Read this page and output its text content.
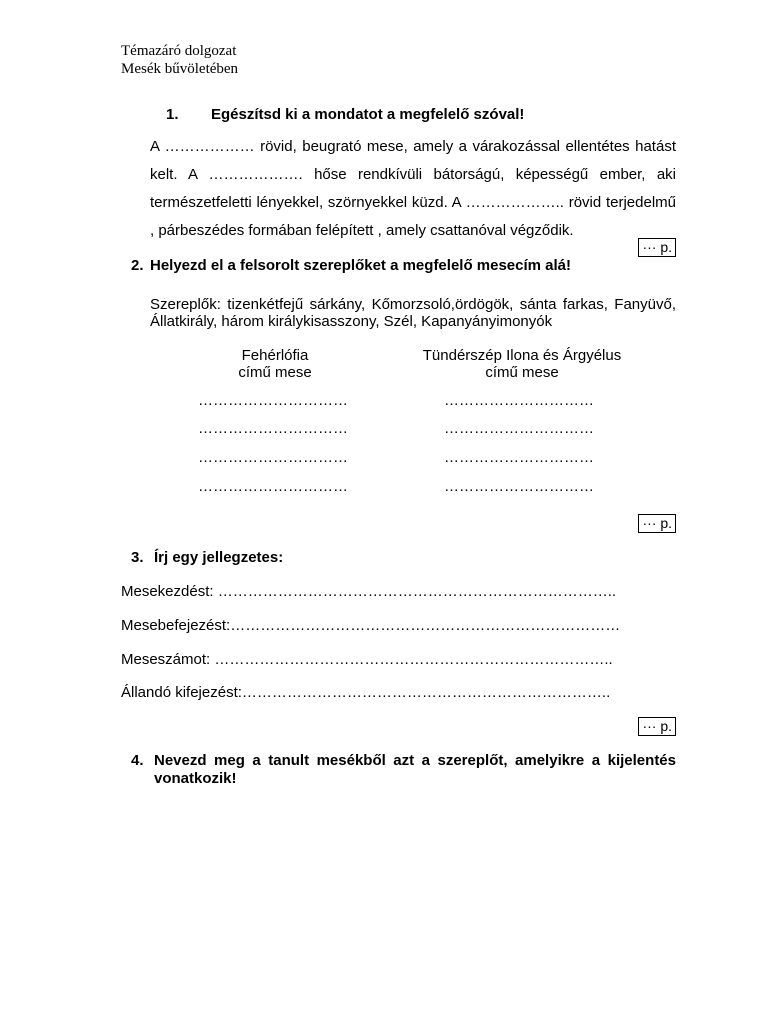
Témazáró dolgozat
Mesék bűvöletében
1. Egészítsd ki a mondatot a megfelelő szóval!

A ……………… rövid, beugrató mese, amely a várakozással ellentétes hatást kelt. A ………………. hőse rendkívüli bátorságú, képességű ember, aki természetfeletti lényekkel, szörnyekkel küzd. A ……………….. rövid terjedelmű , párbeszédes formában felépített , amely csattanóval végződik.

··· p.
2. Helyezd el a felsorolt szereplőket a megfelelő mesecím alá!
Szereplők: tizenkétfejű sárkány, Kőmorzsoló,ördögök, sánta farkas, Fanyüvő, Állatkirály, három királykisasszony, Szél, Kapanyányimonyók
Fehérlófia
című mese
Tündérszép Ilona és Árgyélus
című mese
…………………………
…………………………
…………………………
…………………………
…………………………
…………………………
…………………………
…………………………
··· p.
3. Írj egy jellegzetes:
Mesekezdést: ……………………………………………………………………..
Mesebefejezést:……………………………………………………………………
Meseszámot: ……………………………………………………………………..
Állandó kifejezést:………………………………………………………………..
··· p.
4. Nevezd meg a tanult mesékből azt a szereplőt, amelyikre a kijelentés vonatkozik!
